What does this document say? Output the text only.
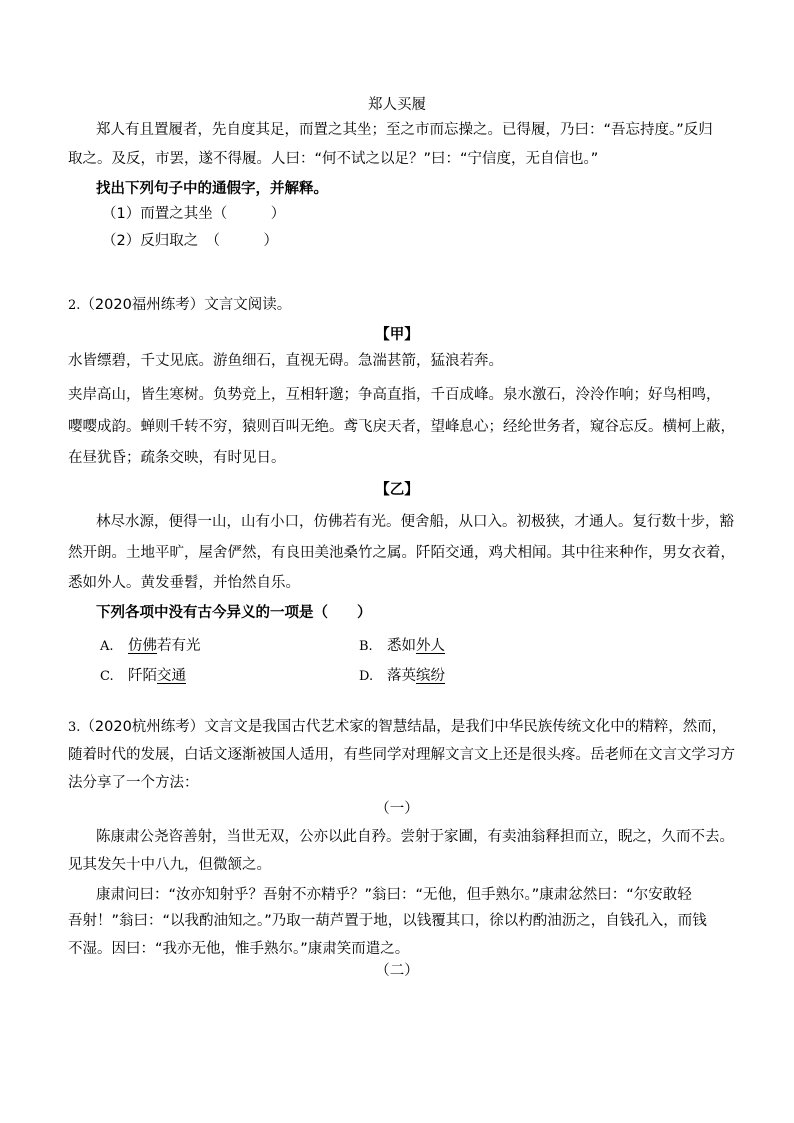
郑人买履

郑人有且置履者，先自度其足，而置之其坐；至之市而忘操之。已得履，乃曰：“吾忘持度。”反归

取之。及反，市罢，遂不得履。人曰：“何不试之以足？”曰：“宁信度，无自信也。”

找出下列句子中的通假字，并解释。

（1）而置之其坐（　　　）

（2）反归取之　（　　　）

2.（2020福州练考）文言文阅读。

【甲】

水皆缥碧，千丈见底。游鱼细石，直视无碍。急湍甚箭，猛浪若奔。

夹岸高山，皆生寒树。负势竞上，互相轩邈；争高直指，千百成峰。泉水激石，泠泠作响；好鸟相鸣，

嘤嘤成韵。蝉则千转不穷，猿则百叫无绝。鸢飞戾天者，望峰息心；经纶世务者，窥谷忘反。横柯上蔽，

在昼犹昏；疏条交映，有时见日。

【乙】

林尽水源，便得一山，山有小口，仿佛若有光。便舍船，从口入。初极狭，才通人。复行数十步，豁

然开朗。土地平旷，屋舍俨然，有良田美池桑竹之属。阡陌交通，鸡犬相闻。其中往来种作，男女衣着，

悉如外人。黄发垂髫，并怡然自乐。

下列各项中没有古今异义的一项是（　　）

A. 仿佛若有光	B. 悉如外人
C. 阡陌交通	D. 落英缤纷

3.（2020杭州练考）文言文是我国古代艺术家的智慧结晶，是我们中华民族传统文化中的精粹，然而，

随着时代的发展，白话文逐渐被国人适用，有些同学对理解文言文上还是很头疼。岳老师在文言文学习方

法分享了一个方法：

（一）

陈康肃公尧咨善射，当世无双，公亦以此自矜。尝射于家圃，有卖油翁释担而立，睨之，久而不去。

见其发矢十中八九，但微颔之。

康肃问曰：“汝亦知射乎？吾射不亦精乎？”翁曰：“无他，但手熟尔。”康肃忿然曰：“尔安敢轻

吾射！”翁曰：“以我酌油知之。”乃取一葫芦置于地，以钱覆其口，徐以杓酌油沥之，自钱孔入，而钱

不湿。因曰：“我亦无他，惟手熟尔。”康肃笑而遣之。

（二）
